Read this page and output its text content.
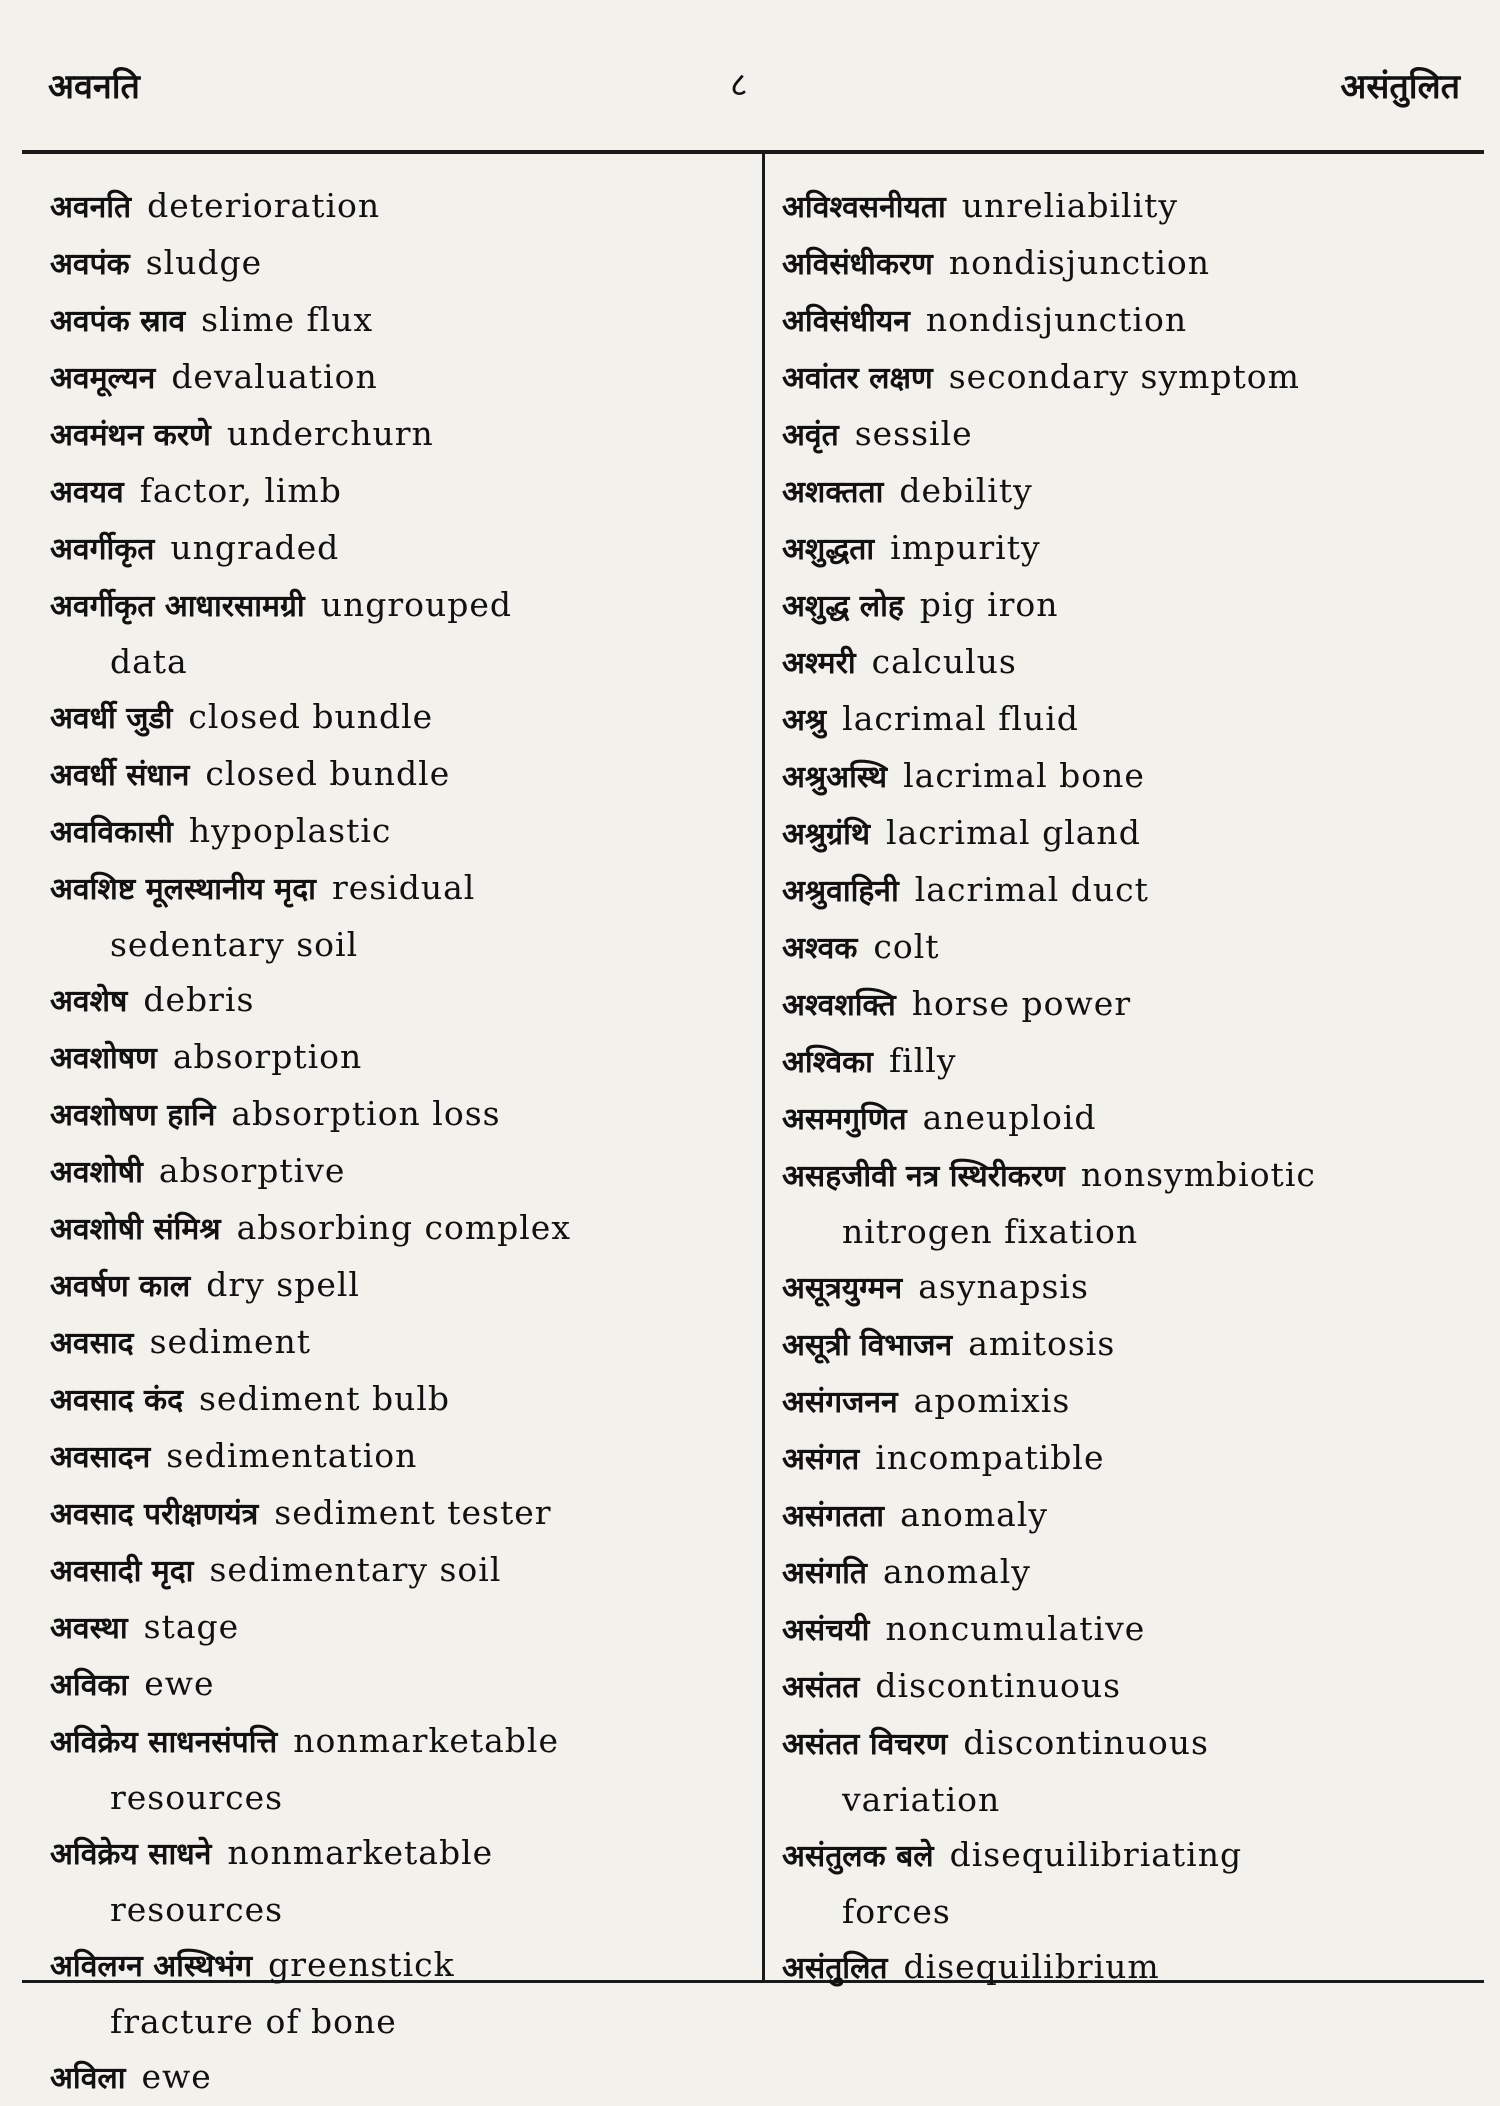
अवनति	८	असंतुलित
अवनति deterioration
अवपंक sludge
अवपंक स्राव slime flux
अवमूल्यन devaluation
अवमंथन करणे underchurn
अवयव factor, limb
अवर्गीकृत ungraded
अवर्गीकृत आधारसामग्री ungrouped
data
अवर्धी जुडी closed bundle
अवर्धी संधान closed bundle
अवविकासी hypoplastic
अवशिष्ट मूलस्थानीय मृदा residual
sedentary soil
अवशेष debris
अवशोषण absorption
अवशोषण हानि absorption loss
अवशोषी absorptive
अवशोषी संमिश्र absorbing complex
अवर्षण काल dry spell
अवसाद sediment
अवसाद कंद sediment bulb
अवसादन sedimentation
अवसाद परीक्षणयंत्र sediment tester
अवसादी मृदा sedimentary soil
अवस्था stage
अविका ewe
अविक्रेय साधनसंपत्ति nonmarketable
resources
अविक्रेय साधने nonmarketable
resources
अविलग्न अस्थिभंग greenstick
fracture of bone
अविला ewe
अविश्वसनीयता unreliability
अविसंधीकरण nondisjunction
अविसंधीयन nondisjunction
अवांतर लक्षण secondary symptom
अवृंत sessile
अशक्तता debility
अशुद्धता impurity
अशुद्ध लोह pig iron
अश्मरी calculus
अश्रु lacrimal fluid
अश्रुअस्थि lacrimal bone
अश्रुग्रंथि lacrimal gland
अश्रुवाहिनी lacrimal duct
अश्वक colt
अश्वशक्ति horse power
अश्विका filly
असमगुणित aneuploid
असहजीवी नत्र स्थिरीकरण nonsymbiotic
nitrogen fixation
असूत्रयुग्मन asynapsis
असूत्री विभाजन amitosis
असंगजनन apomixis
असंगत incompatible
असंगतता anomaly
असंगति anomaly
असंचयी noncumulative
असंतत discontinuous
असंतत विचरण discontinuous
variation
असंतुलक बले disequilibriating
forces
असंतुलित disequilibrium
